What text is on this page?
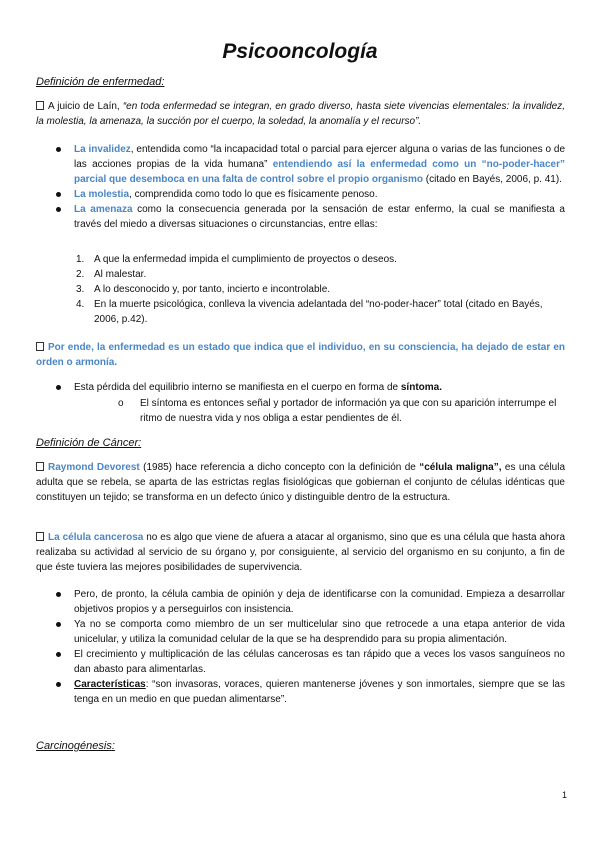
Psicooncología
Definición de enfermedad:
A juicio de Laín, “en toda enfermedad se integran, en grado diverso, hasta siete vivencias elementales: la invalidez, la molestia, la amenaza, la succión por el cuerpo, la soledad, la anomalía y el recurso”.
La invalidez, entendida como “la incapacidad total o parcial para ejercer alguna o varias de las funciones o de las acciones propias de la vida humana” entendiendo así la enfermedad como un “no-poder-hacer” parcial que desemboca en una falta de control sobre el propio organismo (citado en Bayés, 2006, p. 41).
La molestia, comprendida como todo lo que es físicamente penoso.
La amenaza como la consecuencia generada por la sensación de estar enfermo, la cual se manifiesta a través del miedo a diversas situaciones o circunstancias, entre ellas:
1. A que la enfermedad impida el cumplimiento de proyectos o deseos.
2. Al malestar.
3. A lo desconocido y, por tanto, incierto e incontrolable.
4. En la muerte psicológica, conlleva la vivencia adelantada del “no-poder-hacer” total (citado en Bayés, 2006, p.42).
Por ende, la enfermedad es un estado que indica que el individuo, en su consciencia, ha dejado de estar en orden o armonía.
Esta pérdida del equilibrio interno se manifiesta en el cuerpo en forma de síntoma.
o El síntoma es entonces señal y portador de información ya que con su aparición interrumpe el ritmo de nuestra vida y nos obliga a estar pendientes de él.
Definición de Cáncer:
Raymond Devorest (1985) hace referencia a dicho concepto con la definición de “célula maligna”, es una célula adulta que se rebela, se aparta de las estrictas reglas fisiológicas que gobiernan el conjunto de células idénticas que constituyen un tejido; se transforma en un defecto único y distinguible dentro de la estructura.
La célula cancerosa no es algo que viene de afuera a atacar al organismo, sino que es una célula que hasta ahora realizaba su actividad al servicio de su órgano y, por consiguiente, al servicio del organismo en su conjunto, a fin de que éste tuviera las mejores posibilidades de supervivencia.
Pero, de pronto, la célula cambia de opinión y deja de identificarse con la comunidad. Empieza a desarrollar objetivos propios y a perseguirlos con insistencia.
Ya no se comporta como miembro de un ser multicelular sino que retrocede a una etapa anterior de vida unicelular, y utiliza la comunidad celular de la que se ha desprendido para su propia alimentación.
El crecimiento y multiplicación de las células cancerosas es tan rápido que a veces los vasos sanguíneos no dan abasto para alimentarlas.
Características: “son invasoras, voraces, quieren mantenerse jóvenes y son inmortales, siempre que se las tenga en un medio en que puedan alimentarse”.
Carcinogénesis:
1
